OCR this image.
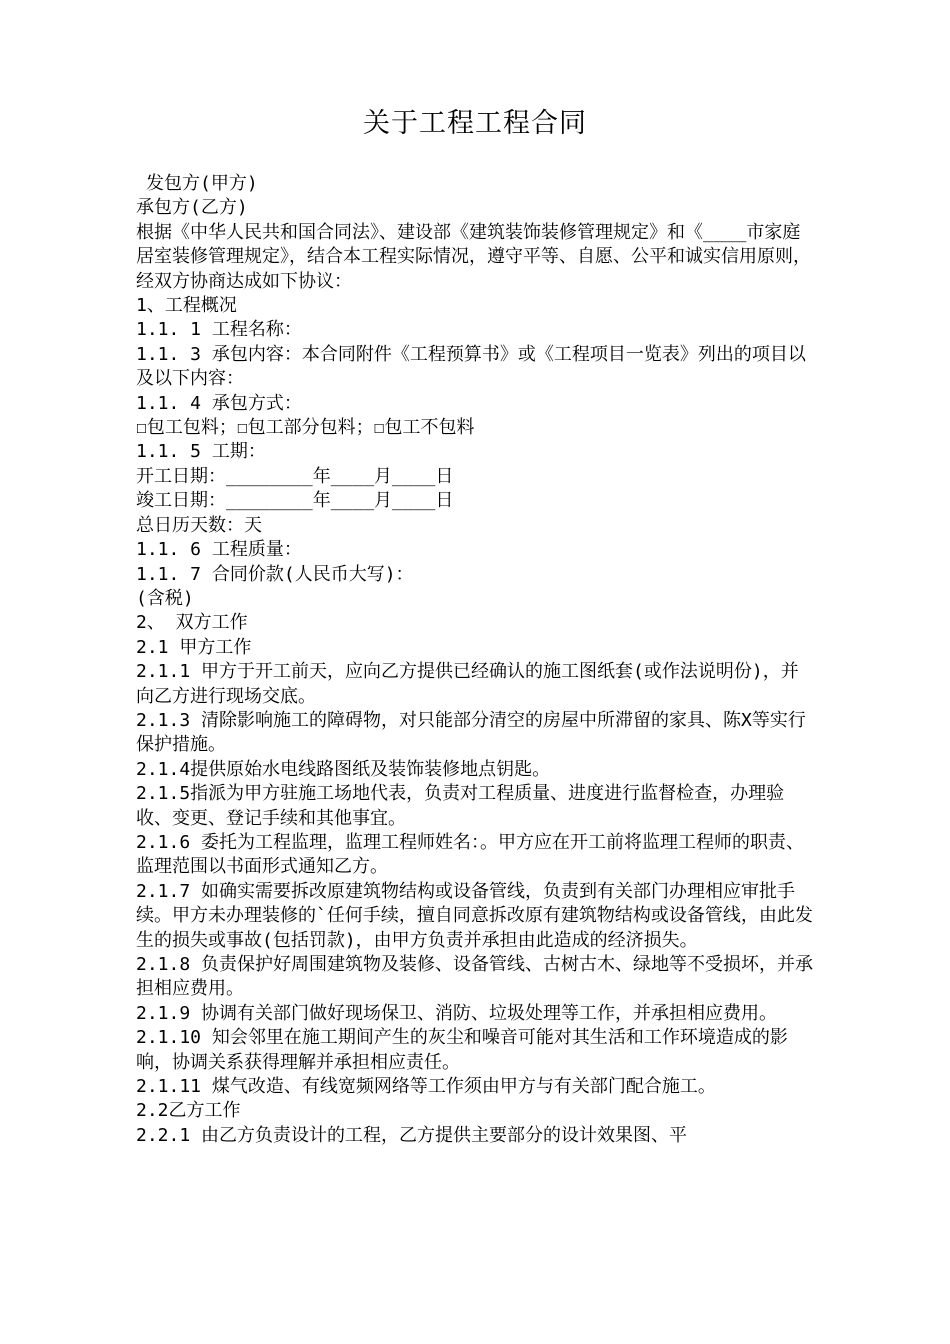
关于工程工程合同

发包方(甲方)

承包方(乙方)

根据《中华人民共和国合同法》、建设部《建筑装饰装修管理规定》和《____市家庭居室装修管理规定》，结合本工程实际情况，遵守平等、自愿、公平和诚实信用原则，经双方协商达成如下协议：

1、工程概况

1.1. 1 工程名称：

1.1. 3 承包内容：本合同附件《工程预算书》或《工程项目一览表》列出的项目以及以下内容：

1.1. 4 承包方式：

☐包工包料；☐包工部分包料；☐包工不包料

1.1. 5 工期：

开工日期：________年____月____日

竣工日期：________年____月____日

总日历天数：天

1.1. 6 工程质量：

1.1. 7 合同价款(人民币大写)：

(含税)

2、 双方工作

2.1 甲方工作

2.1.1 甲方于开工前天，应向乙方提供已经确认的施工图纸套(或作法说明份)，并向乙方进行现场交底。

2.1.3 清除影响施工的障碍物，对只能部分清空的房屋中所滞留的家具、陈X等实行保护措施。

2.1.4提供原始水电线路图纸及装饰装修地点钥匙。

2.1.5指派为甲方驻施工场地代表，负责对工程质量、进度进行监督检查，办理验收、变更、登记手续和其他事宜。

2.1.6 委托为工程监理，监理工程师姓名：。甲方应在开工前将监理工程师的职责、监理范围以书面形式通知乙方。

2.1.7 如确实需要拆改原建筑物结构或设备管线，负责到有关部门办理相应审批手续。甲方未办理装修的`任何手续，擅自同意拆改原有建筑物结构或设备管线，由此发生的损失或事故(包括罚款)，由甲方负责并承担由此造成的经济损失。

2.1.8 负责保护好周围建筑物及装修、设备管线、古树古木、绿地等不受损坏，并承担相应费用。

2.1.9 协调有关部门做好现场保卫、消防、垃圾处理等工作，并承担相应费用。

2.1.10 知会邻里在施工期间产生的灰尘和噪音可能对其生活和工作环境造成的影响，协调关系获得理解并承担相应责任。

2.1.11 煤气改造、有线宽频网络等工作须由甲方与有关部门配合施工。

2.2乙方工作

2.2.1 由乙方负责设计的工程，乙方提供主要部分的设计效果图、平
